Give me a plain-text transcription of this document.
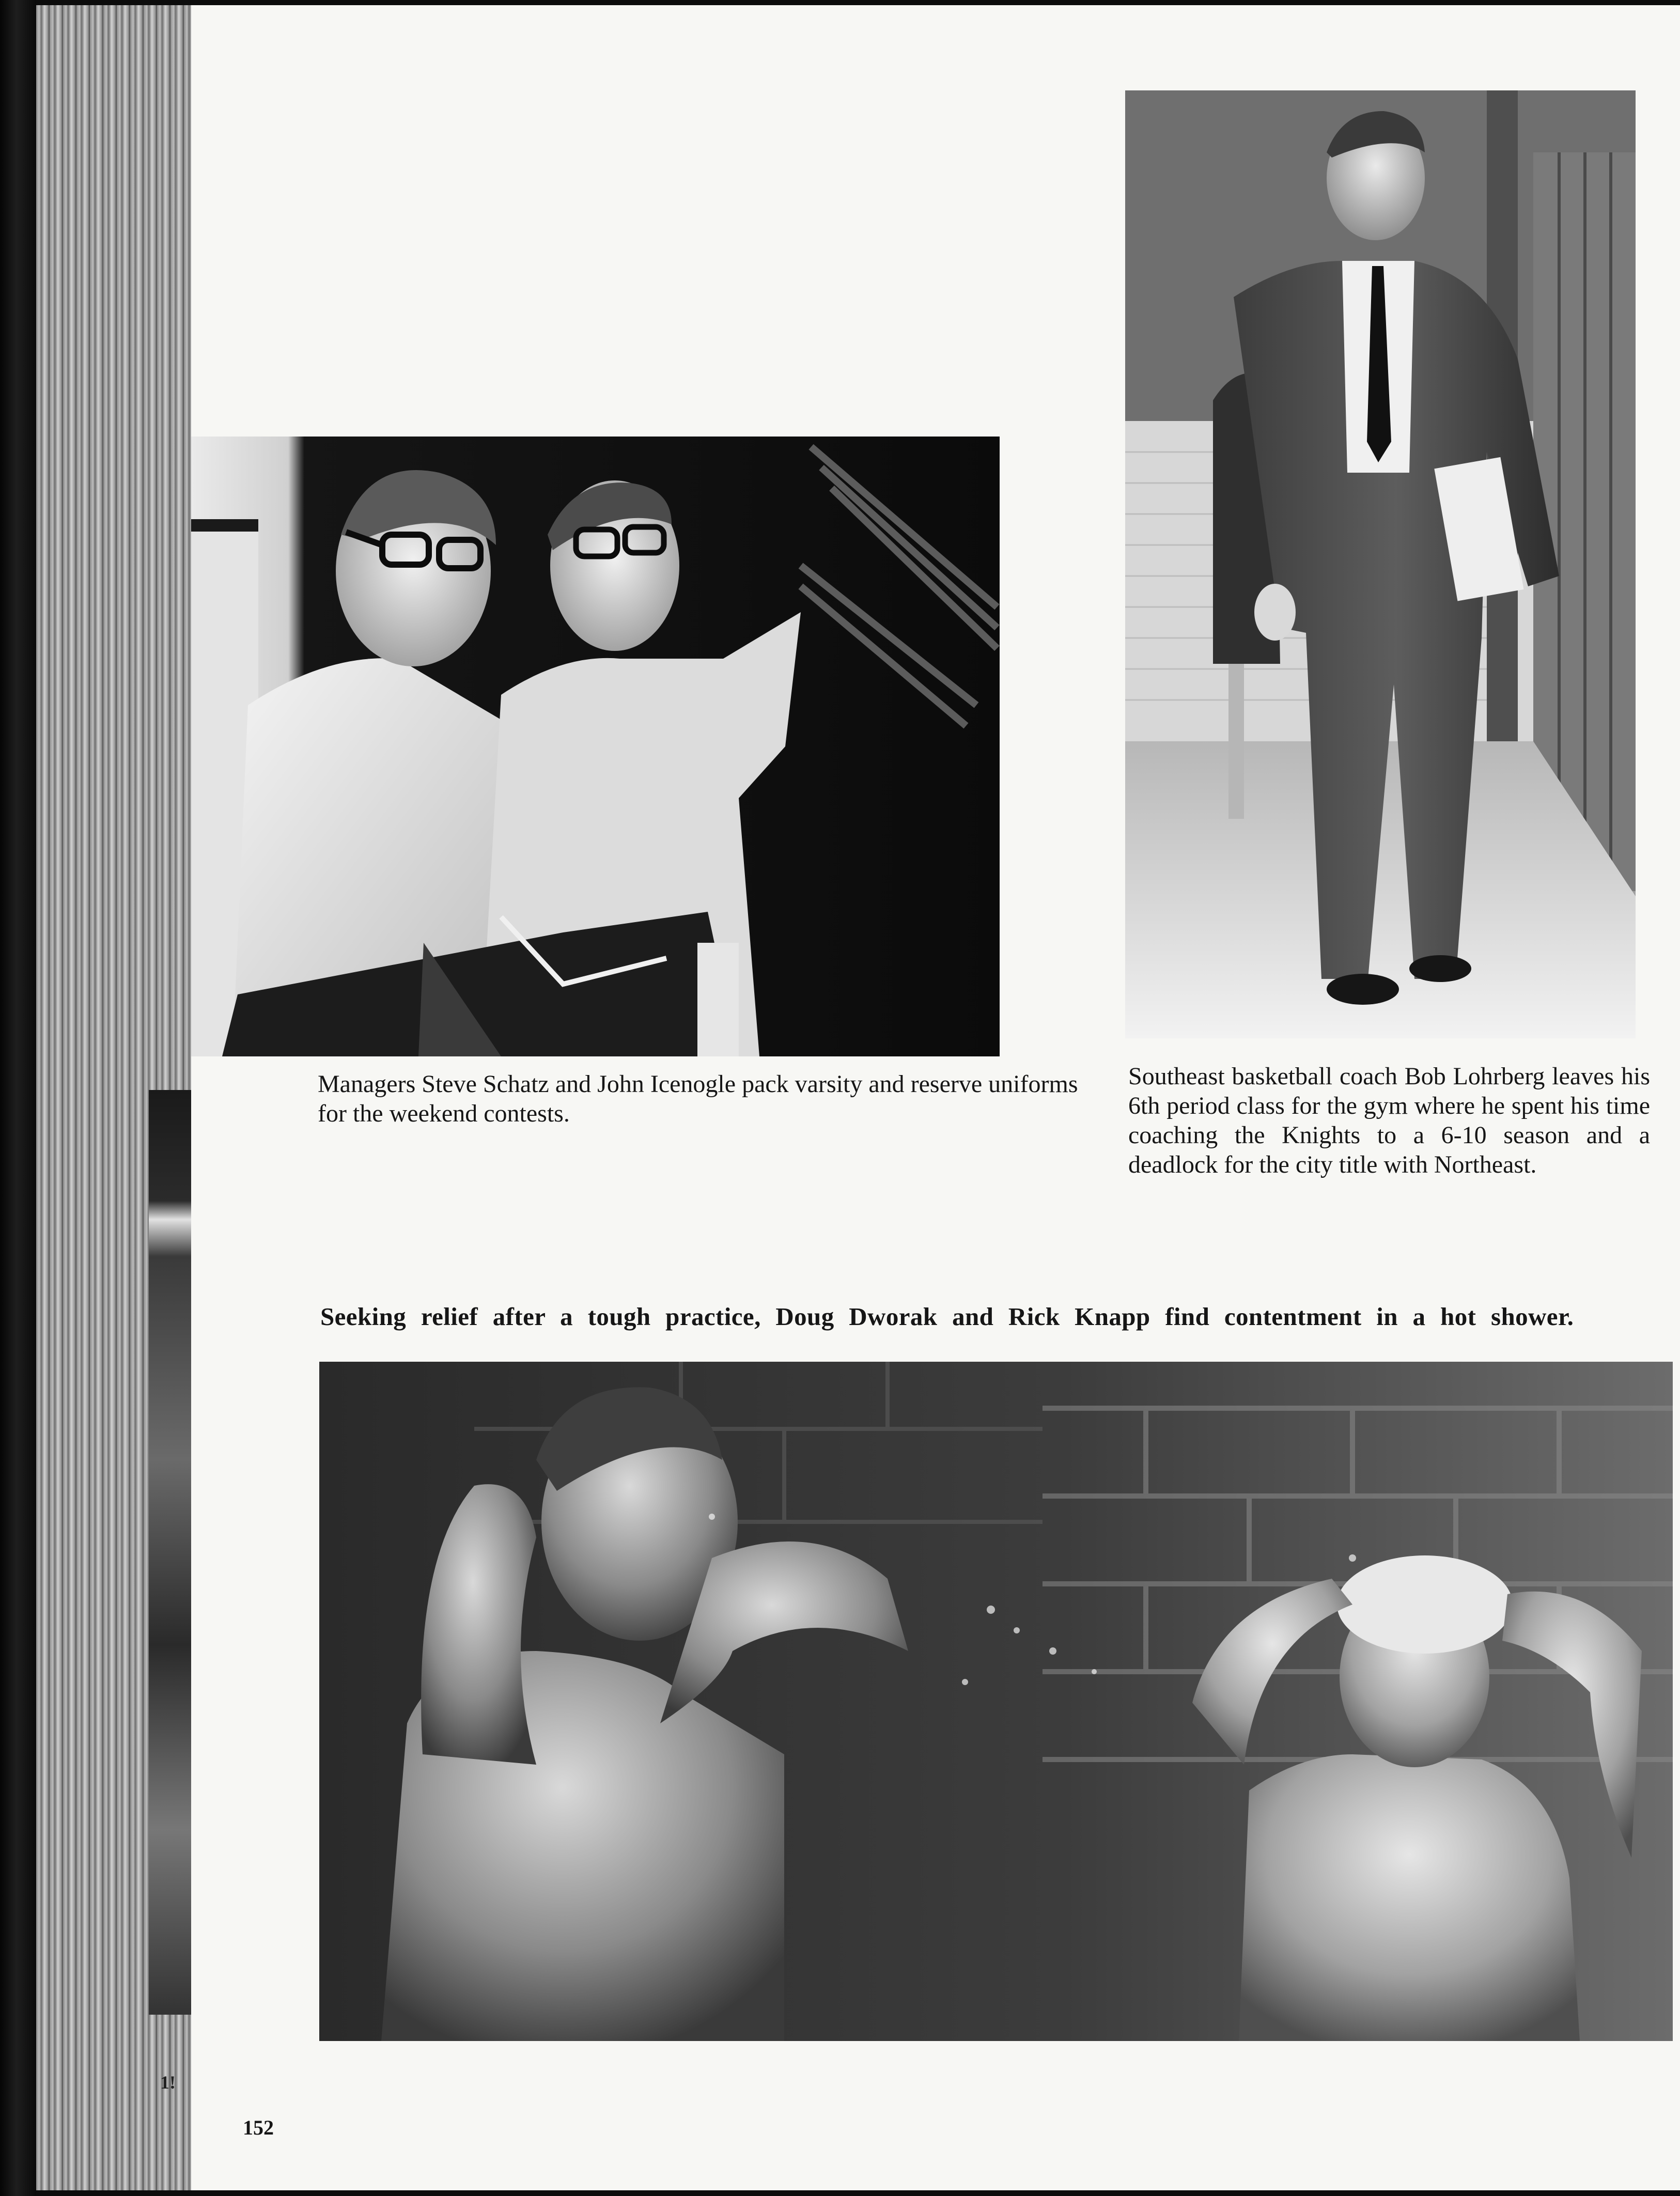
1!

Managers Steve Schatz and John Icenogle pack varsity and reserve uniforms for the weekend contests.

Southeast basketball coach Bob Lohrberg leaves his 6th period class for the gym where he spent his time coaching the Knights to a 6-10 season and a deadlock for the city title with Northeast.

Seeking relief after a tough practice, Doug Dworak and Rick Knapp find contentment in a hot shower.

152
